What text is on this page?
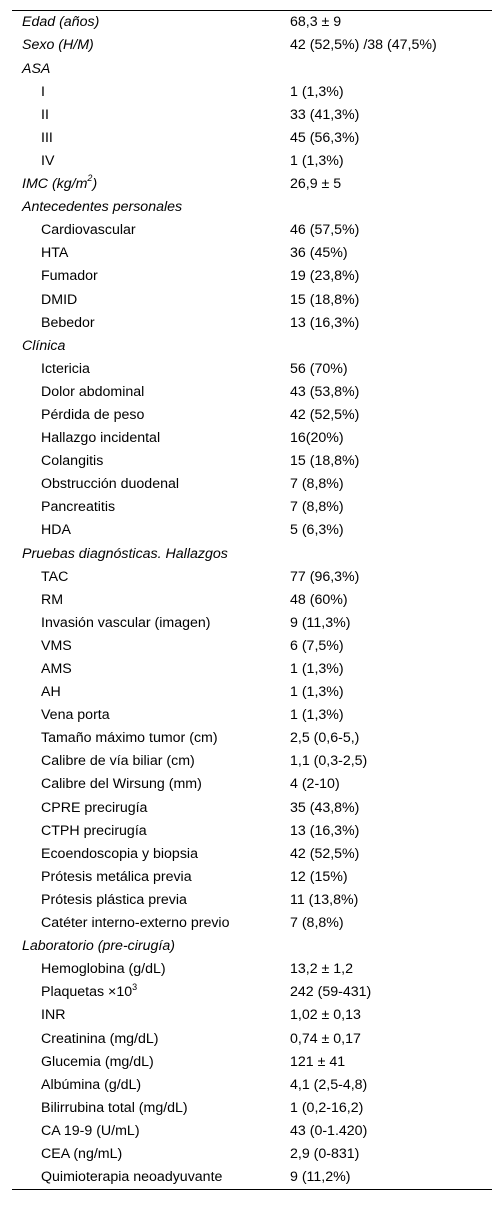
Edad (años)	68,3 ± 9
Sexo (H/M)	42 (52,5%) /38 (47,5%)
ASA	
I	1 (1,3%)
II	33 (41,3%)
III	45 (56,3%)
IV	1 (1,3%)
IMC $(kg/m^2)$	26,9 ± 5
Antecedentes personales	
Cardiovascular	46 (57,5%)
HTA	36 (45%)
Fumador	19 (23,8%)
DMID	15 (18,8%)
Bebedor	13 (16,3%)
Clínica	
Ictericia	56 (70%)
Dolor abdominal	43 (53,8%)
Pérdida de peso	42 (52,5%)
Hallazgo incidental	16(20%)
Colangitis	15 (18,8%)
Obstrucción duodenal	7 (8,8%)
Pancreatitis	7 (8,8%)
HDA	5 (6,3%)
Pruebas diagnósticas. Hallazgos	
TAC	77 (96,3%)
RM	48 (60%)
Invasión vascular (imagen)	9 (11,3%)
VMS	6 (7,5%)
AMS	1 (1,3%)
AH	1 (1,3%)
Vena porta	1 (1,3%)
Tamaño máximo tumor (cm)	2,5 (0,6-5,)
Calibre de vía biliar (cm)	1,1 (0,3-2,5)
Calibre del Wirsung (mm)	4 (2-10)
CPRE precirugía	35 (43,8%)
CTPH precirugía	13 (16,3%)
Ecoendoscopia y biopsia	42 (52,5%)
Prótesis metálica previa	12 (15%)
Prótesis plástica previa	11 (13,8%)
Catéter interno-externo previo	7 (8,8%)
Laboratorio (pre-cirugía)	
Hemoglobina (g/dL)	13,2 ± 1,2
Plaquetas $\times 10^3$	242 (59-431)
INR	1,02 ± 0,13
Creatinina (mg/dL)	0,74 ± 0,17
Glucemia (mg/dL)	121 ± 41
Albúmina (g/dL)	4,1 (2,5-4,8)
Bilirrubina total (mg/dL)	1 (0,2-16,2)
CA 19-9 (U/mL)	43 (0-1.420)
CEA (ng/mL)	2,9 (0-831)
Quimioterapia neoadyuvante	9 (11,2%)
